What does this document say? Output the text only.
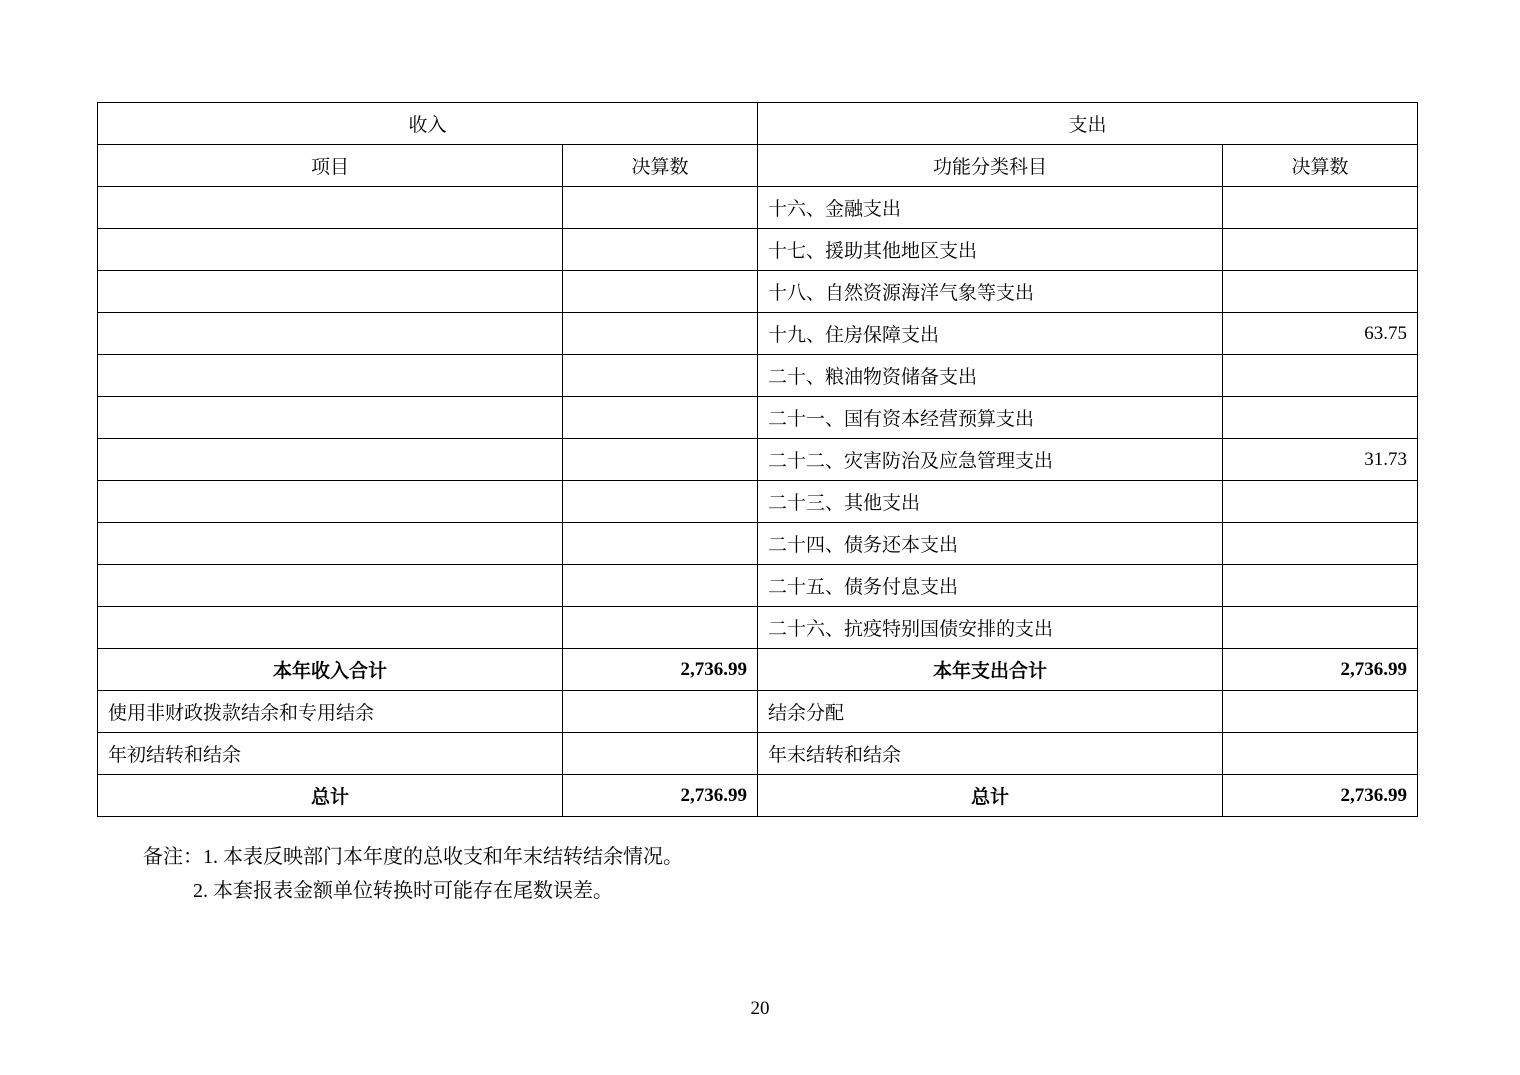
收入		支出	
项目	决算数	功能分类科目	决算数
		十六、金融支出	
		十七、援助其他地区支出	
		十八、自然资源海洋气象等支出	
		十九、住房保障支出	63.75
		二十、粮油物资储备支出	
		二十一、国有资本经营预算支出	
		二十二、灾害防治及应急管理支出	31.73
		二十三、其他支出	
		二十四、债务还本支出	
		二十五、债务付息支出	
		二十六、抗疫特别国债安排的支出	
本年收入合计	2,736.99	本年支出合计	2,736.99
使用非财政拨款结余和专用结余		结余分配	
年初结转和结余		年末结转和结余	
总计	2,736.99	总计	2,736.99
备注：1. 本表反映部门本年度的总收支和年末结转结余情况。
2. 本套报表金额单位转换时可能存在尾数误差。
20
